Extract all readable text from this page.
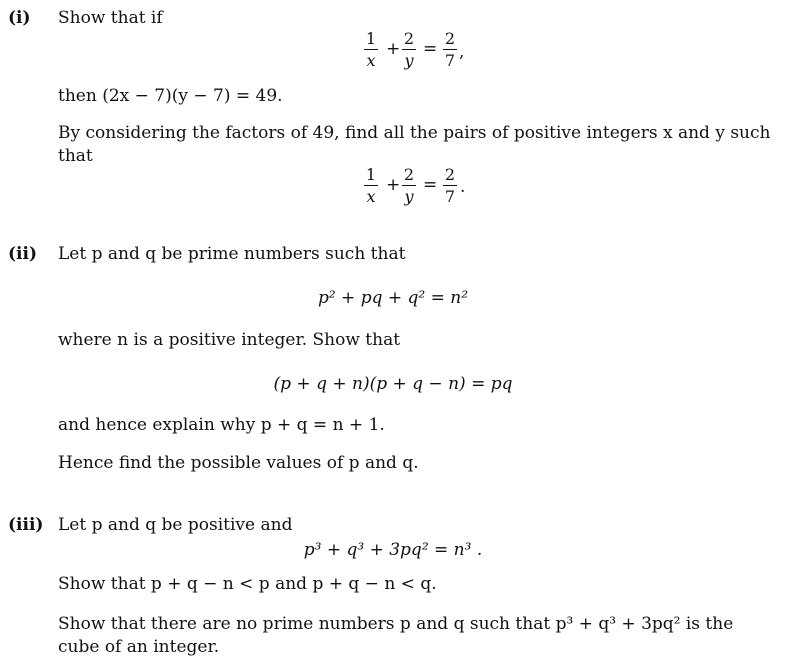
(i) Show that if
1
x
+
2
y
=
2
7 ,
then (2x − 7)(y − 7) = 49.
By considering the factors of 49, find all the pairs of positive integers x and y such that
1
x
+
2
y
=
2
7 .
(ii) Let p and q be prime numbers such that
p² + pq + q² = n²
where n is a positive integer. Show that
(p + q + n)(p + q − n) = pq
and hence explain why p + q = n + 1.
Hence find the possible values of p and q.
(iii) Let p and q be positive and
p³ + q³ + 3pq² = n³ .
Show that p + q − n < p and p + q − n < q.
Show that there are no prime numbers p and q such that p³ + q³ + 3pq² is the cube of an integer.
